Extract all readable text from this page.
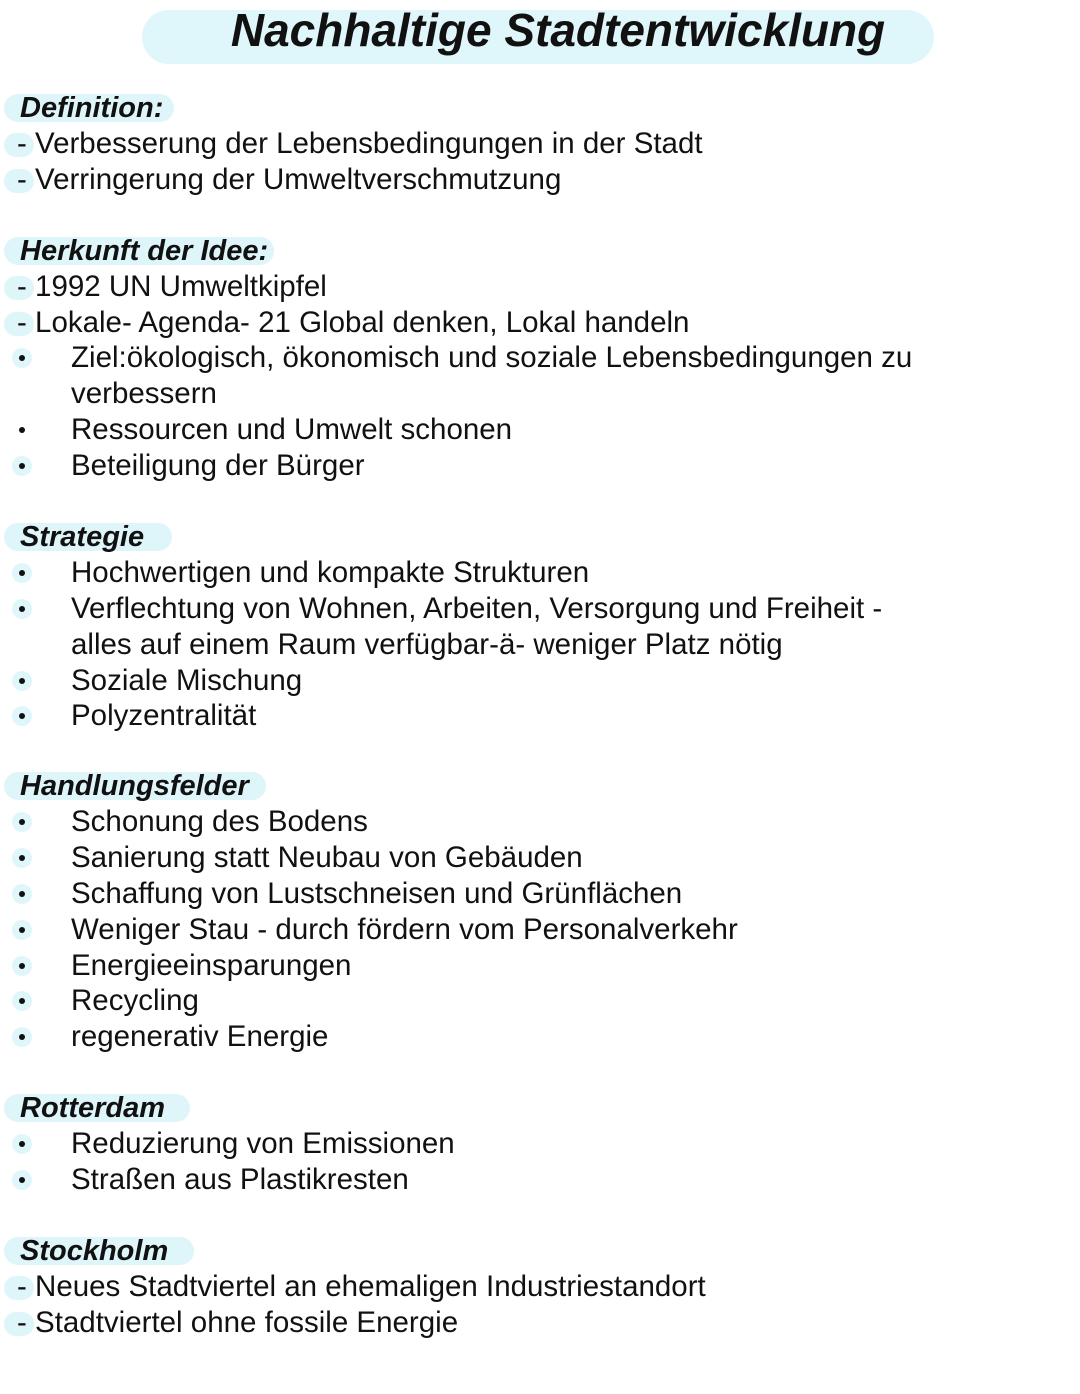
Nachhaltige Stadtentwicklung
Definition:
- Verbesserung der Lebensbedingungen in der Stadt
- Verringerung der Umweltverschmutzung
Herkunft der Idee:
- 1992 UN Umweltkipfel
- Lokale- Agenda- 21 Global denken, Lokal handeln
Ziel:ökologisch, ökonomisch und soziale Lebensbedingungen zu
verbessern
Ressourcen und Umwelt schonen
Beteiligung der Bürger
Strategie
Hochwertigen und kompakte Strukturen
Verflechtung von Wohnen, Arbeiten, Versorgung und Freiheit -
alles auf einem Raum verfügbar-ä- weniger Platz nötig
Soziale Mischung
Polyzentralität
Handlungsfelder
Schonung des Bodens
Sanierung statt Neubau von Gebäuden
Schaffung von Lustschneisen und Grünflächen
Weniger Stau - durch fördern vom Personalverkehr
Energieeinsparungen
Recycling
regenerativ Energie
Rotterdam
Reduzierung von Emissionen
Straßen aus Plastikresten
Stockholm
- Neues Stadtviertel an ehemaligen Industriestandort
- Stadtviertel ohne fossile Energie
